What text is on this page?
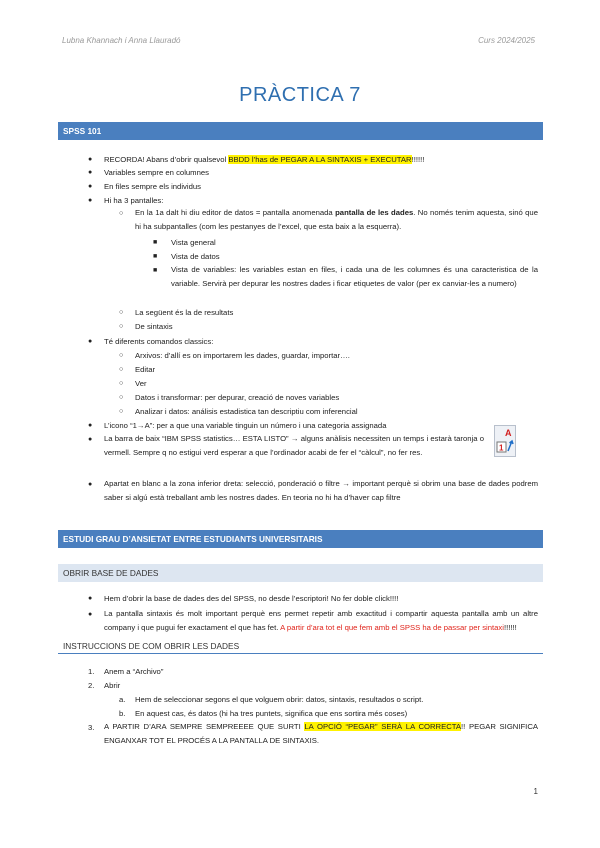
Lubna Khannach i Anna Llauradó	Curs 2024/2025
PRÀCTICA 7
SPSS 101
● RECORDA! Abans d’obrir qualsevol BBDD l’has de PEGAR A LA SINTAXIS + EXECUTAR!!!!!!
● Variables sempre en columnes
● En files sempre els individus
● Hi ha 3 pantalles:
○ En la 1a dalt hi diu editor de datos = pantalla anomenada pantalla de les dades. No només tenim aquesta, sinó que hi ha subpantalles (com les pestanyes de l’excel, que esta baix a la esquerra).
■ Vista general
■ Vista de datos
■ Vista de variables: les variables estan en files, i cada una de les columnes és una caracteristica de la variable. Servirà per depurar les nostres dades i ficar etiquetes de valor (per ex canviar-les a numero)
○ La següent és la de resultats
○ De sintaxis
● Té diferents comandos classics:
○ Arxivos: d’allí es on importarem les dades, guardar, importar….
○ Editar
○ Ver
○ Datos i transformar: per depurar, creació de noves variables
○ Analizar i datos: análisis estadistica tan descriptiu com inferencial
● L’icono “1→A”: per a que una variable tinguin un número i una categoria assignada
● La barra de baix “IBM SPSS statistics… ESTA LISTO” → alguns anàlisis necessiten un temps i estarà taronja o vermell. Sempre q no estigui verd esperar a que l’ordinador acabi de fer el “càlcul”, no fer res.
A
1
● Apartat en blanc a la zona inferior dreta: selecció, ponderació o filtre → important perquè si obrim una base de dades podrem saber si algú està treballant amb les nostres dades. En teoria no hi ha d’haver cap filtre
ESTUDI GRAU D’ANSIETAT ENTRE ESTUDIANTS UNIVERSITARIS
OBRIR BASE DE DADES
● Hem d’obrir la base de dades des del SPSS, no desde l’escriptori! No fer doble click!!!!
● La pantalla sintaxis és molt important perquè ens permet repetir amb exactitud i compartir aquesta pantalla amb un altre company i que pugui fer exactament el que has fet. A partir d’ara tot el que fem amb el SPSS ha de passar per sintaxi!!!!!!
INSTRUCCIONS DE COM OBRIR LES DADES
1. Anem a “Archivo”
2. Abrir
a. Hem de seleccionar segons el que volguem obrir: datos, sintaxis, resultados o script.
b. En aquest cas, és datos (hi ha tres puntets, significa que ens sortira més coses)
3. A PARTIR D’ARA SEMPRE SEMPREEEE QUE SURTI LA OPCIÓ “PEGAR” SERÀ LA CORRECTA!! PEGAR SIGNIFICA ENGANXAR TOT EL PROCÉS A LA PANTALLA DE SINTAXIS.
1
